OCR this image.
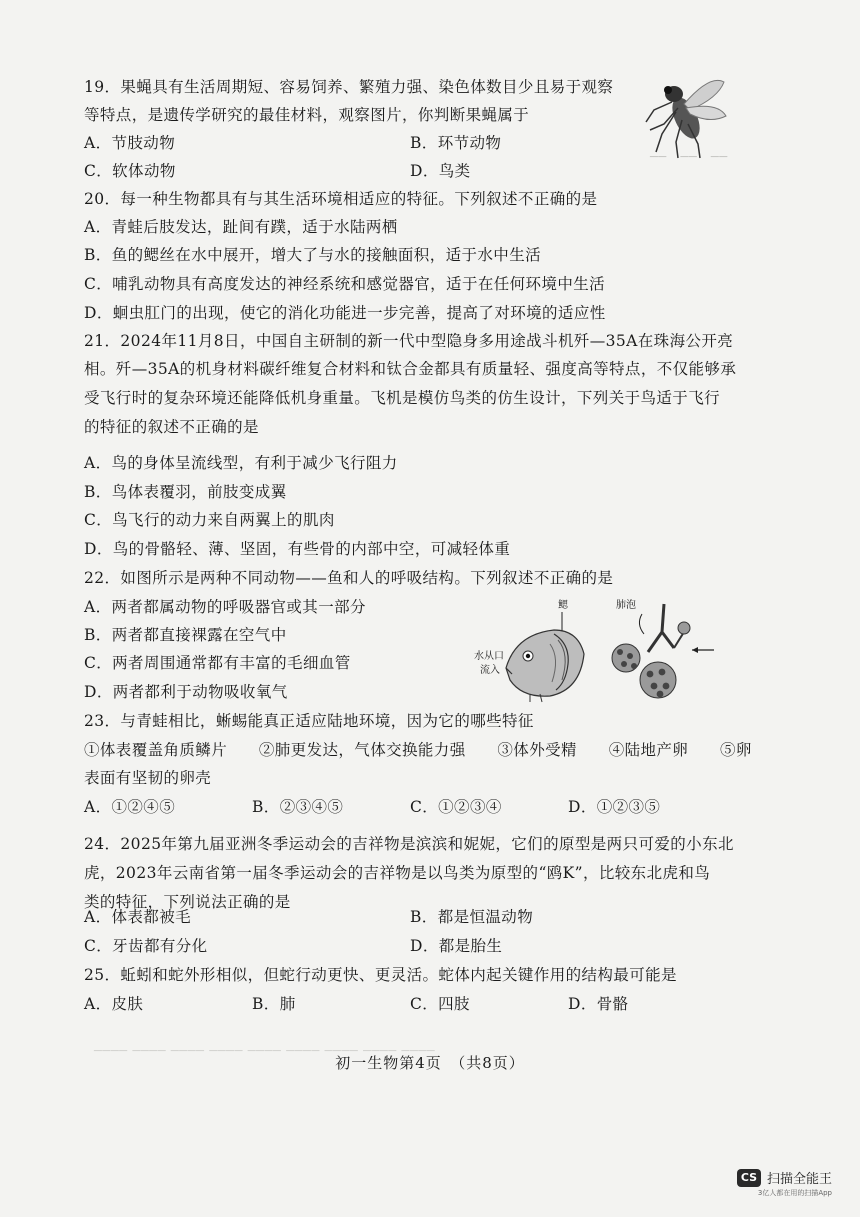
──　──　──
──── ──── ──── ──── ──── ──── ──── ──── ────
19．果蝇具有生活周期短、容易饲养、繁殖力强、染色体数目少且易于观察
等特点，是遗传学研究的最佳材料，观察图片，你判断果蝇属于
A．节肢动物	B．环节动物
C．软体动物	D．鸟类
20．每一种生物都具有与其生活环境相适应的特征。下列叙述不正确的是
A．青蛙后肢发达，趾间有蹼，适于水陆两栖
B．鱼的鳃丝在水中展开，增大了与水的接触面积，适于水中生活
C．哺乳动物具有高度发达的神经系统和感觉器官，适于在任何环境中生活
D．蛔虫肛门的出现，使它的消化功能进一步完善，提高了对环境的适应性
21．2024年11月8日，中国自主研制的新一代中型隐身多用途战斗机歼—35A在珠海公开亮
相。歼—35A的机身材料碳纤维复合材料和钛合金都具有质量轻、强度高等特点，不仅能够承
受飞行时的复杂环境还能降低机身重量。飞机是模仿鸟类的仿生设计，下列关于鸟适于飞行
的特征的叙述不正确的是
A．鸟的身体呈流线型，有利于减少飞行阻力
B．鸟体表覆羽，前肢变成翼
C．鸟飞行的动力来自两翼上的肌肉
D．鸟的骨骼轻、薄、坚固，有些骨的内部中空，可减轻体重
22．如图所示是两种不同动物——鱼和人的呼吸结构。下列叙述不正确的是
A．两者都属动物的呼吸器官或其一部分
B．两者都直接裸露在空气中
C．两者周围通常都有丰富的毛细血管
D．两者都利于动物吸收氧气
鳃
水从口
流入
肺泡
23．与青蛙相比，蜥蜴能真正适应陆地环境，因为它的哪些特征
①体表覆盖角质鳞片　　②肺更发达，气体交换能力强　　③体外受精　　④陆地产卵　　⑤卵
表面有坚韧的卵壳
A．①②④⑤	B．②③④⑤	C．①②③④	D．①②③⑤
24．2025年第九届亚洲冬季运动会的吉祥物是滨滨和妮妮，它们的原型是两只可爱的小东北
虎，2023年云南省第一届冬季运动会的吉祥物是以鸟类为原型的“鸥K”，比较东北虎和鸟
类的特征，下列说法正确的是
A．体表都被毛	B．都是恒温动物
C．牙齿都有分化	D．都是胎生
25．蚯蚓和蛇外形相似，但蛇行动更快、更灵活。蛇体内起关键作用的结构最可能是
A．皮肤	B．肺	C．四肢	D．骨骼
初一生物第4页　（共8页）
CS 扫描全能王
3亿人都在用的扫描App
